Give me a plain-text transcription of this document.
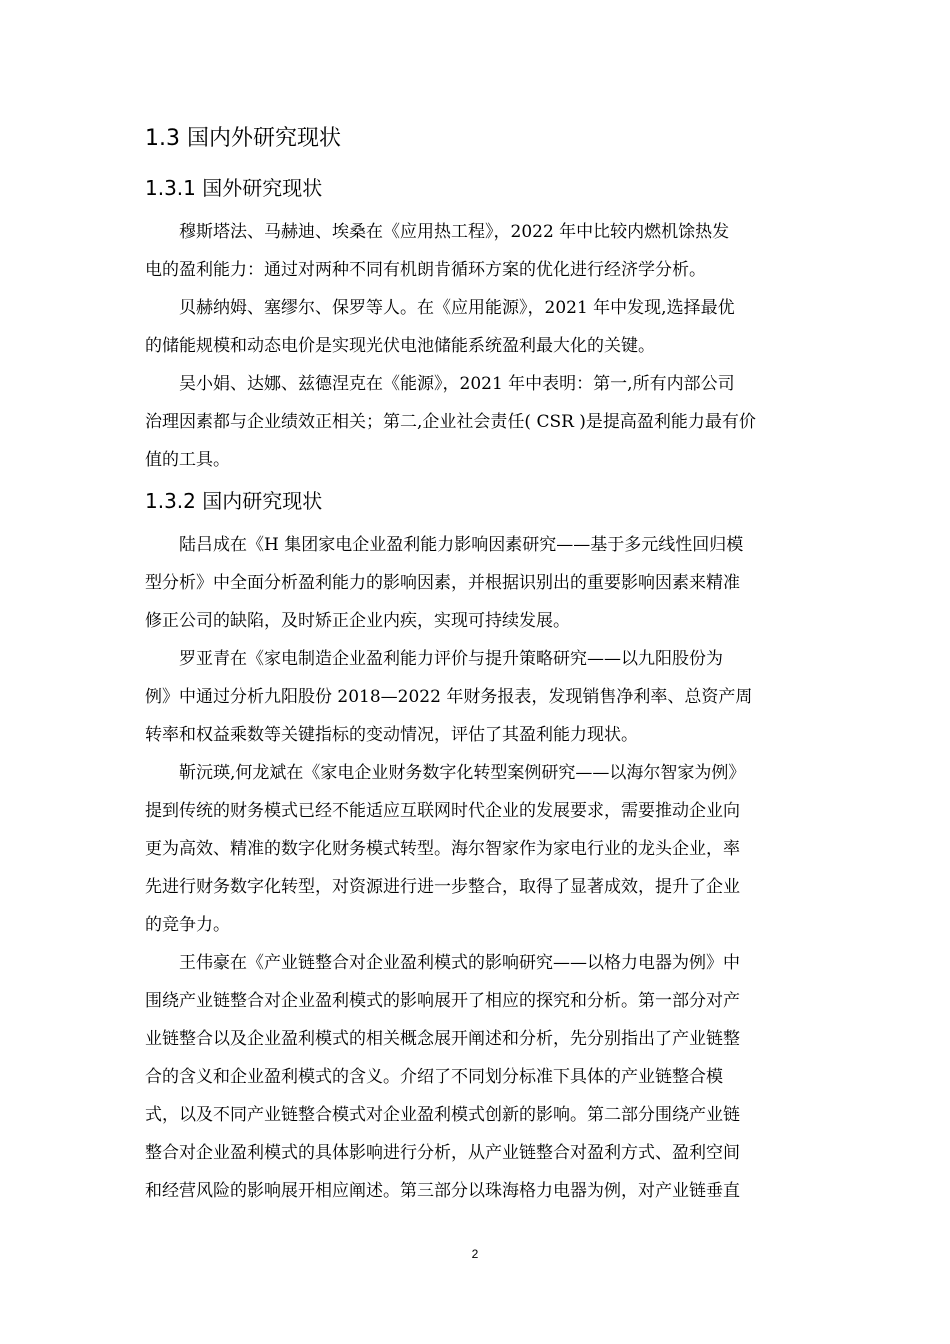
1.3 国内外研究现状
1.3.1 国外研究现状
穆斯塔法、马赫迪、埃桑在《应用热工程》，2022 年中比较内燃机馀热发
电的盈利能力：通过对两种不同有机朗肯循环方案的优化进行经济学分析。
贝赫纳姆、塞缪尔、保罗等人。在《应用能源》，2021 年中发现,选择最优
的储能规模和动态电价是实现光伏电池储能系统盈利最大化的关键。
吴小娟、达娜、兹德涅克在《能源》，2021 年中表明：第一,所有内部公司
治理因素都与企业绩效正相关；第二,企业社会责任( CSR )是提高盈利能力最有价
值的工具。
1.3.2 国内研究现状
陆吕成在《H 集团家电企业盈利能力影响因素研究——基于多元线性回归模
型分析》中全面分析盈利能力的影响因素，并根据识别出的重要影响因素来精准
修正公司的缺陷，及时矫正企业内疾，实现可持续发展。
罗亚青在《家电制造企业盈利能力评价与提升策略研究——以九阳股份为
例》中通过分析九阳股份 2018—2022 年财务报表，发现销售净利率、总资产周
转率和权益乘数等关键指标的变动情况，评估了其盈利能力现状。
靳沅瑛,何龙斌在《家电企业财务数字化转型案例研究——以海尔智家为例》
提到传统的财务模式已经不能适应互联网时代企业的发展要求，需要推动企业向
更为高效、精准的数字化财务模式转型。海尔智家作为家电行业的龙头企业，率
先进行财务数字化转型，对资源进行进一步整合，取得了显著成效，提升了企业
的竞争力。
王伟豪在《产业链整合对企业盈利模式的影响研究——以格力电器为例》中
围绕产业链整合对企业盈利模式的影响展开了相应的探究和分析。第一部分对产
业链整合以及企业盈利模式的相关概念展开阐述和分析，先分别指出了产业链整
合的含义和企业盈利模式的含义。介绍了不同划分标准下具体的产业链整合模
式，以及不同产业链整合模式对企业盈利模式创新的影响。第二部分围绕产业链
整合对企业盈利模式的具体影响进行分析，从产业链整合对盈利方式、盈利空间
和经营风险的影响展开相应阐述。第三部分以珠海格力电器为例，对产业链垂直
2
